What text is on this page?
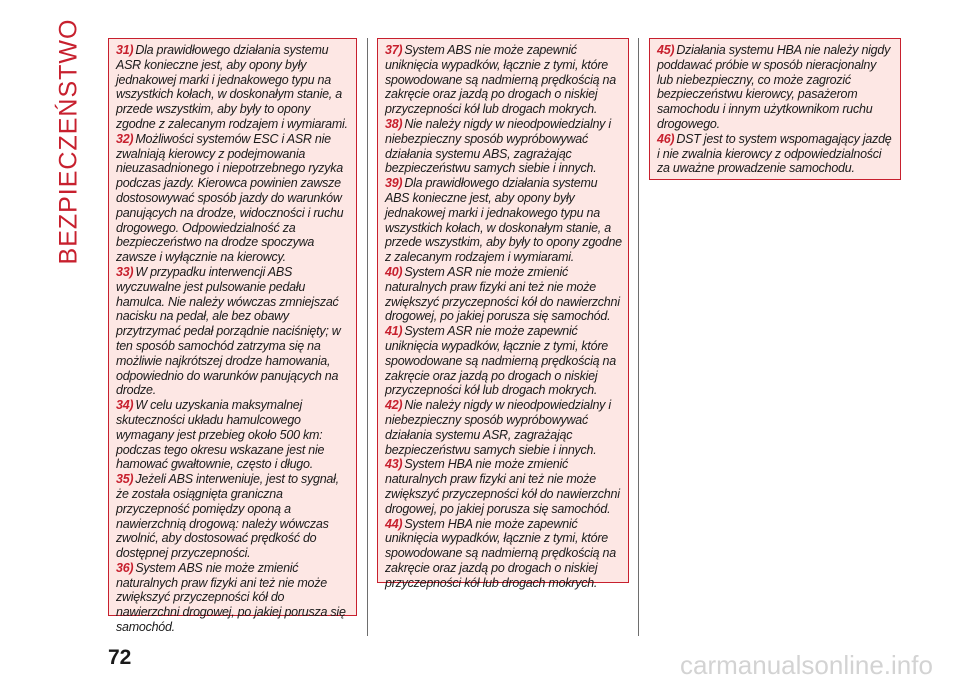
BEZPIECZEŃSTWO	31) Dla prawidłowego działania systemu ASR konieczne jest, aby opony były jednakowej marki i jednakowego typu na wszystkich kołach, w doskonałym stanie, a przede wszystkim, aby były to opony zgodne z zalecanym rodzajem i wymiarami.
32) Możliwości systemów ESC i ASR nie zwalniają kierowcy z podejmowania nieuzasadnionego i niepotrzebnego ryzyka podczas jazdy. Kierowca powinien zawsze dostosowywać sposób jazdy do warunków panujących na drodze, widoczności i ruchu drogowego. Odpowiedzialność za bezpieczeństwo na drodze spoczywa zawsze i wyłącznie na kierowcy.
33) W przypadku interwencji ABS wyczuwalne jest pulsowanie pedału hamulca. Nie należy wówczas zmniejszać nacisku na pedał, ale bez obawy przytrzymać pedał porządnie naciśnięty; w ten sposób samochód zatrzyma się na możliwie najkrótszej drodze hamowania, odpowiednio do warunków panujących na drodze.
34) W celu uzyskania maksymalnej skuteczności układu hamulcowego wymagany jest przebieg około 500 km: podczas tego okresu wskazane jest nie hamować gwałtownie, często i długo.
35) Jeżeli ABS interweniuje, jest to sygnał, że została osiągnięta graniczna przyczepność pomiędzy oponą a nawierzchnią drogową: należy wówczas zwolnić, aby dostosować prędkość do dostępnej przyczepności.
36) System ABS nie może zmienić naturalnych praw fizyki ani też nie może zwiększyć przyczepności kół do nawierzchni drogowej, po jakiej porusza się samochód.
37) System ABS nie może zapewnić uniknięcia wypadków, łącznie z tymi, które spowodowane są nadmierną prędkością na zakręcie oraz jazdą po drogach o niskiej przyczepności kół lub drogach mokrych.
38) Nie należy nigdy w nieodpowiedzialny i niebezpieczny sposób wypróbowywać działania systemu ABS, zagrażając bezpieczeństwu samych siebie i innych.
39) Dla prawidłowego działania systemu ABS konieczne jest, aby opony były jednakowej marki i jednakowego typu na wszystkich kołach, w doskonałym stanie, a przede wszystkim, aby były to opony zgodne z zalecanym rodzajem i wymiarami.
40) System ASR nie może zmienić naturalnych praw fizyki ani też nie może zwiększyć przyczepności kół do nawierzchni drogowej, po jakiej porusza się samochód.
41) System ASR nie może zapewnić uniknięcia wypadków, łącznie z tymi, które spowodowane są nadmierną prędkością na zakręcie oraz jazdą po drogach o niskiej przyczepności kół lub drogach mokrych.
42) Nie należy nigdy w nieodpowiedzialny i niebezpieczny sposób wypróbowywać działania systemu ASR, zagrażając bezpieczeństwu samych siebie i innych.
43) System HBA nie może zmienić naturalnych praw fizyki ani też nie może zwiększyć przyczepności kół do nawierzchni drogowej, po jakiej porusza się samochód.
44) System HBA nie może zapewnić uniknięcia wypadków, łącznie z tymi, które spowodowane są nadmierną prędkością na zakręcie oraz jazdą po drogach o niskiej przyczepności kół lub drogach mokrych.
45) Działania systemu HBA nie należy nigdy poddawać próbie w sposób nieracjonalny lub niebezpieczny, co może zagrozić bezpieczeństwu kierowcy, pasażerom samochodu i innym użytkownikom ruchu drogowego.
46) DST jest to system wspomagający jazdę i nie zwalnia kierowcy z odpowiedzialności za uważne prowadzenie samochodu.
72	carmanualsonline.info
